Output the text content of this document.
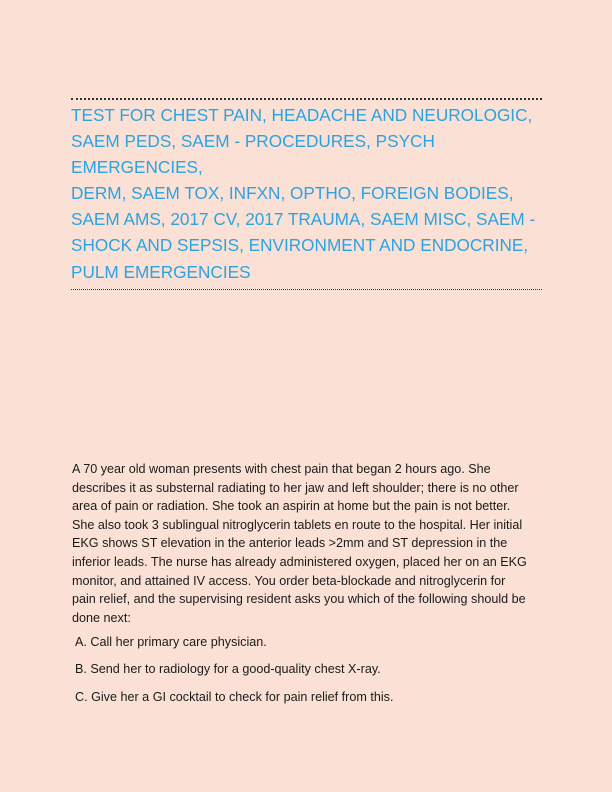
TEST FOR CHEST PAIN, HEADACHE AND NEUROLOGIC,
SAEM PEDS, SAEM - PROCEDURES, PSYCH EMERGENCIES,
DERM, SAEM TOX, INFXN, OPTHO, FOREIGN BODIES,
SAEM AMS, 2017 CV, 2017 TRAUMA, SAEM MISC, SAEM -
SHOCK AND SEPSIS, ENVIRONMENT AND ENDOCRINE,
PULM EMERGENCIES

A 70 year old woman presents with chest pain that began 2 hours ago. She
describes it as substernal radiating to her jaw and left shoulder; there is no other
area of pain or radiation. She took an aspirin at home but the pain is not better.
She also took 3 sublingual nitroglycerin tablets en route to the hospital. Her initial
EKG shows ST elevation in the anterior leads >2mm and ST depression in the
inferior leads. The nurse has already administered oxygen, placed her on an EKG
monitor, and attained IV access. You order beta-blockade and nitroglycerin for
pain relief, and the supervising resident asks you which of the following should be
done next:

A. Call her primary care physician.
B. Send her to radiology for a good-quality chest X-ray.
C. Give her a GI cocktail to check for pain relief from this.
